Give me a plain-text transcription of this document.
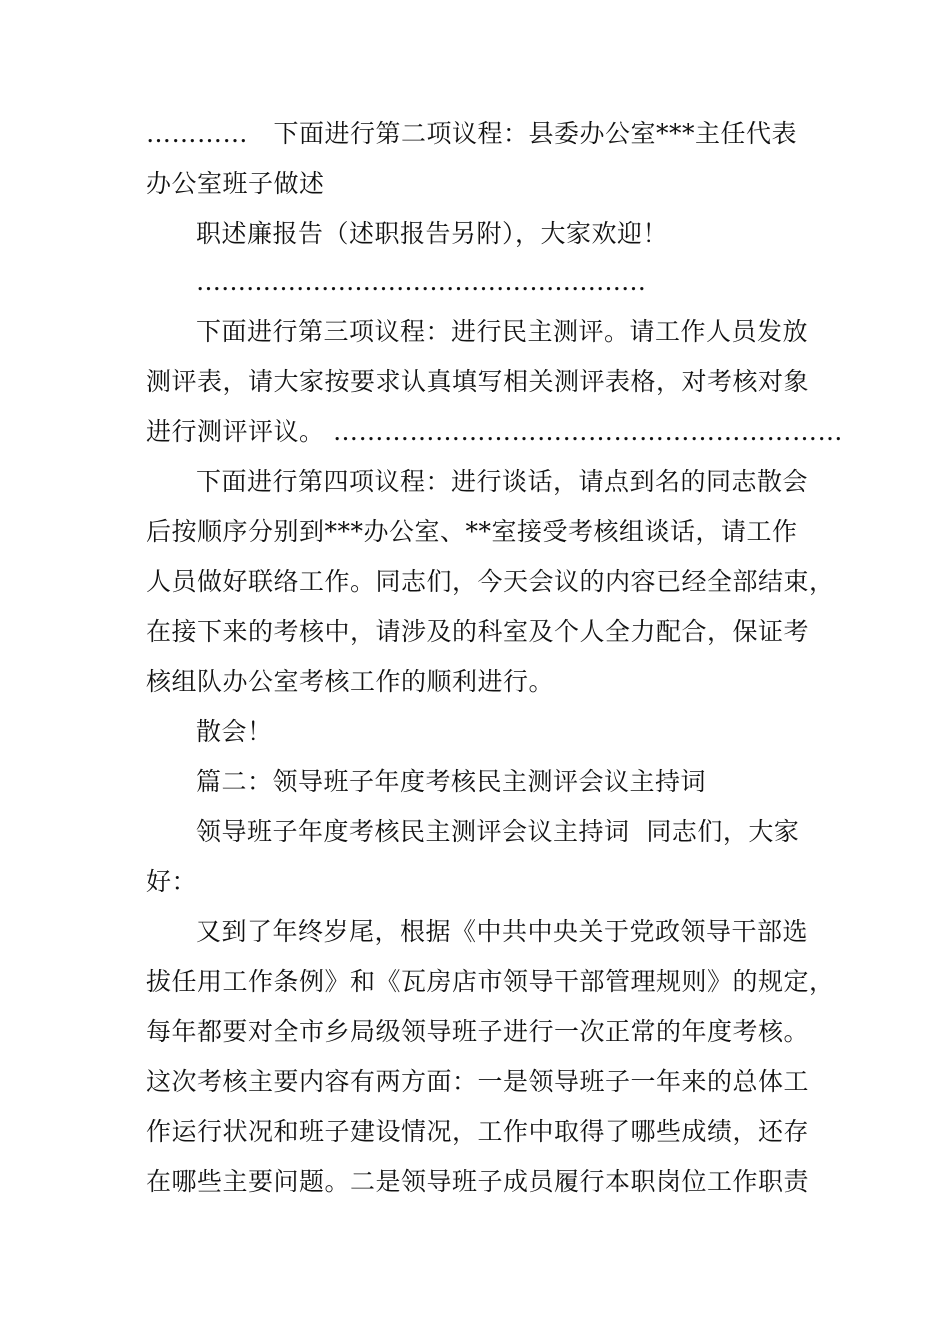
…………　下面进行第二项议程：县委办公室***主任代表
办公室班子做述
职述廉报告（述职报告另附），大家欢迎！
………………………………………………
下面进行第三项议程：进行民主测评。请工作人员发放
测评表，请大家按要求认真填写相关测评表格，对考核对象
进行测评评议。 ……………………………………………………
下面进行第四项议程：进行谈话，请点到名的同志散会
后按顺序分别到***办公室、**室接受考核组谈话，请工作
人员做好联络工作。同志们，今天会议的内容已经全部结束，
在接下来的考核中，请涉及的科室及个人全力配合，保证考
核组队办公室考核工作的顺利进行。
散会！
篇二：领导班子年度考核民主测评会议主持词
领导班子年度考核民主测评会议主持词  同志们，大家
好：
又到了年终岁尾，根据《中共中央关于党政领导干部选
拔任用工作条例》和《瓦房店市领导干部管理规则》的规定，
每年都要对全市乡局级领导班子进行一次正常的年度考核。
这次考核主要内容有两方面：一是领导班子一年来的总体工
作运行状况和班子建设情况，工作中取得了哪些成绩，还存
在哪些主要问题。二是领导班子成员履行本职岗位工作职责
